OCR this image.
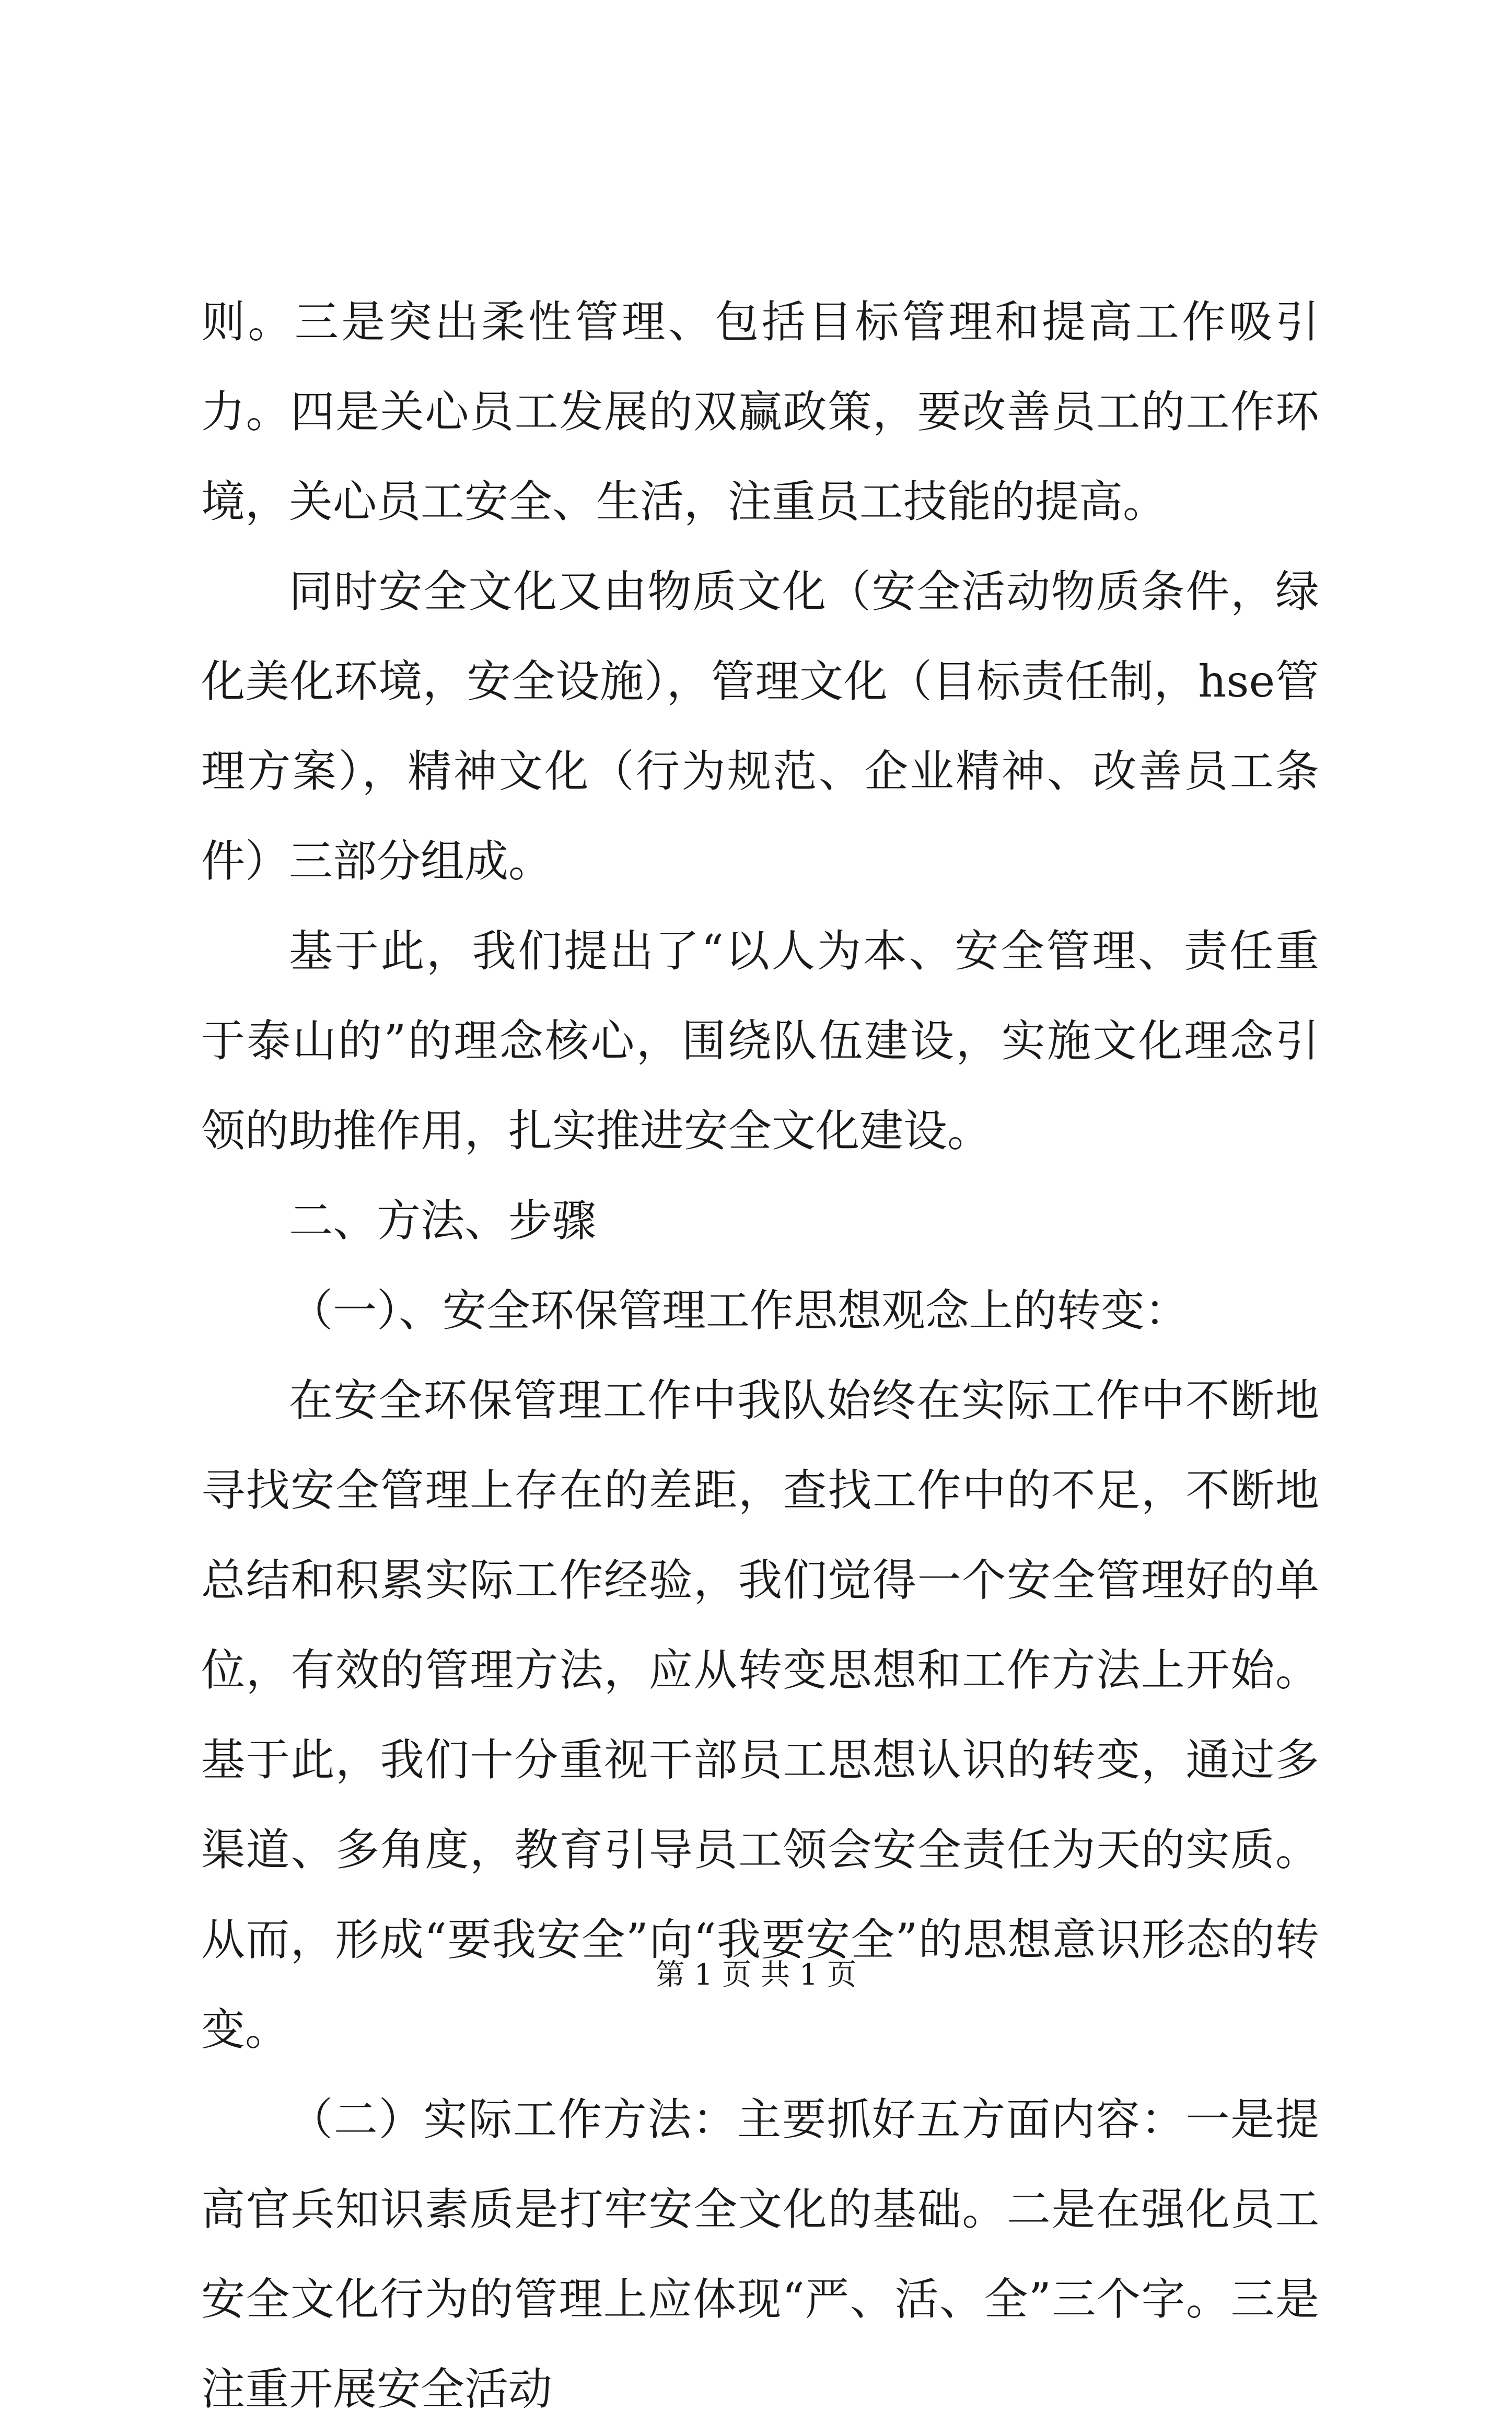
则。三是突出柔性管理、包括目标管理和提高工作吸引力。四是关心员工发展的双赢政策，要改善员工的工作环境，关心员工安全、生活，注重员工技能的提高。

同时安全文化又由物质文化（安全活动物质条件，绿化美化环境，安全设施），管理文化（目标责任制，hse管理方案），精神文化（行为规范、企业精神、改善员工条件）三部分组成。

基于此，我们提出了“以人为本、安全管理、责任重于泰山的”的理念核心，围绕队伍建设，实施文化理念引领的助推作用，扎实推进安全文化建设。

二、方法、步骤

（一）、安全环保管理工作思想观念上的转变：

在安全环保管理工作中我队始终在实际工作中不断地寻找安全管理上存在的差距，查找工作中的不足，不断地总结和积累实际工作经验，我们觉得一个安全管理好的单位，有效的管理方法，应从转变思想和工作方法上开始。基于此，我们十分重视干部员工思想认识的转变，通过多渠道、多角度，教育引导员工领会安全责任为天的实质。从而，形成“要我安全”向“我要安全”的思想意识形态的转变。

（二）实际工作方法：主要抓好五方面内容：一是提高官兵知识素质是打牢安全文化的基础。二是在强化员工安全文化行为的管理上应体现“严、活、全”三个字。三是注重开展安全活动

第 1 页 共 1 页
